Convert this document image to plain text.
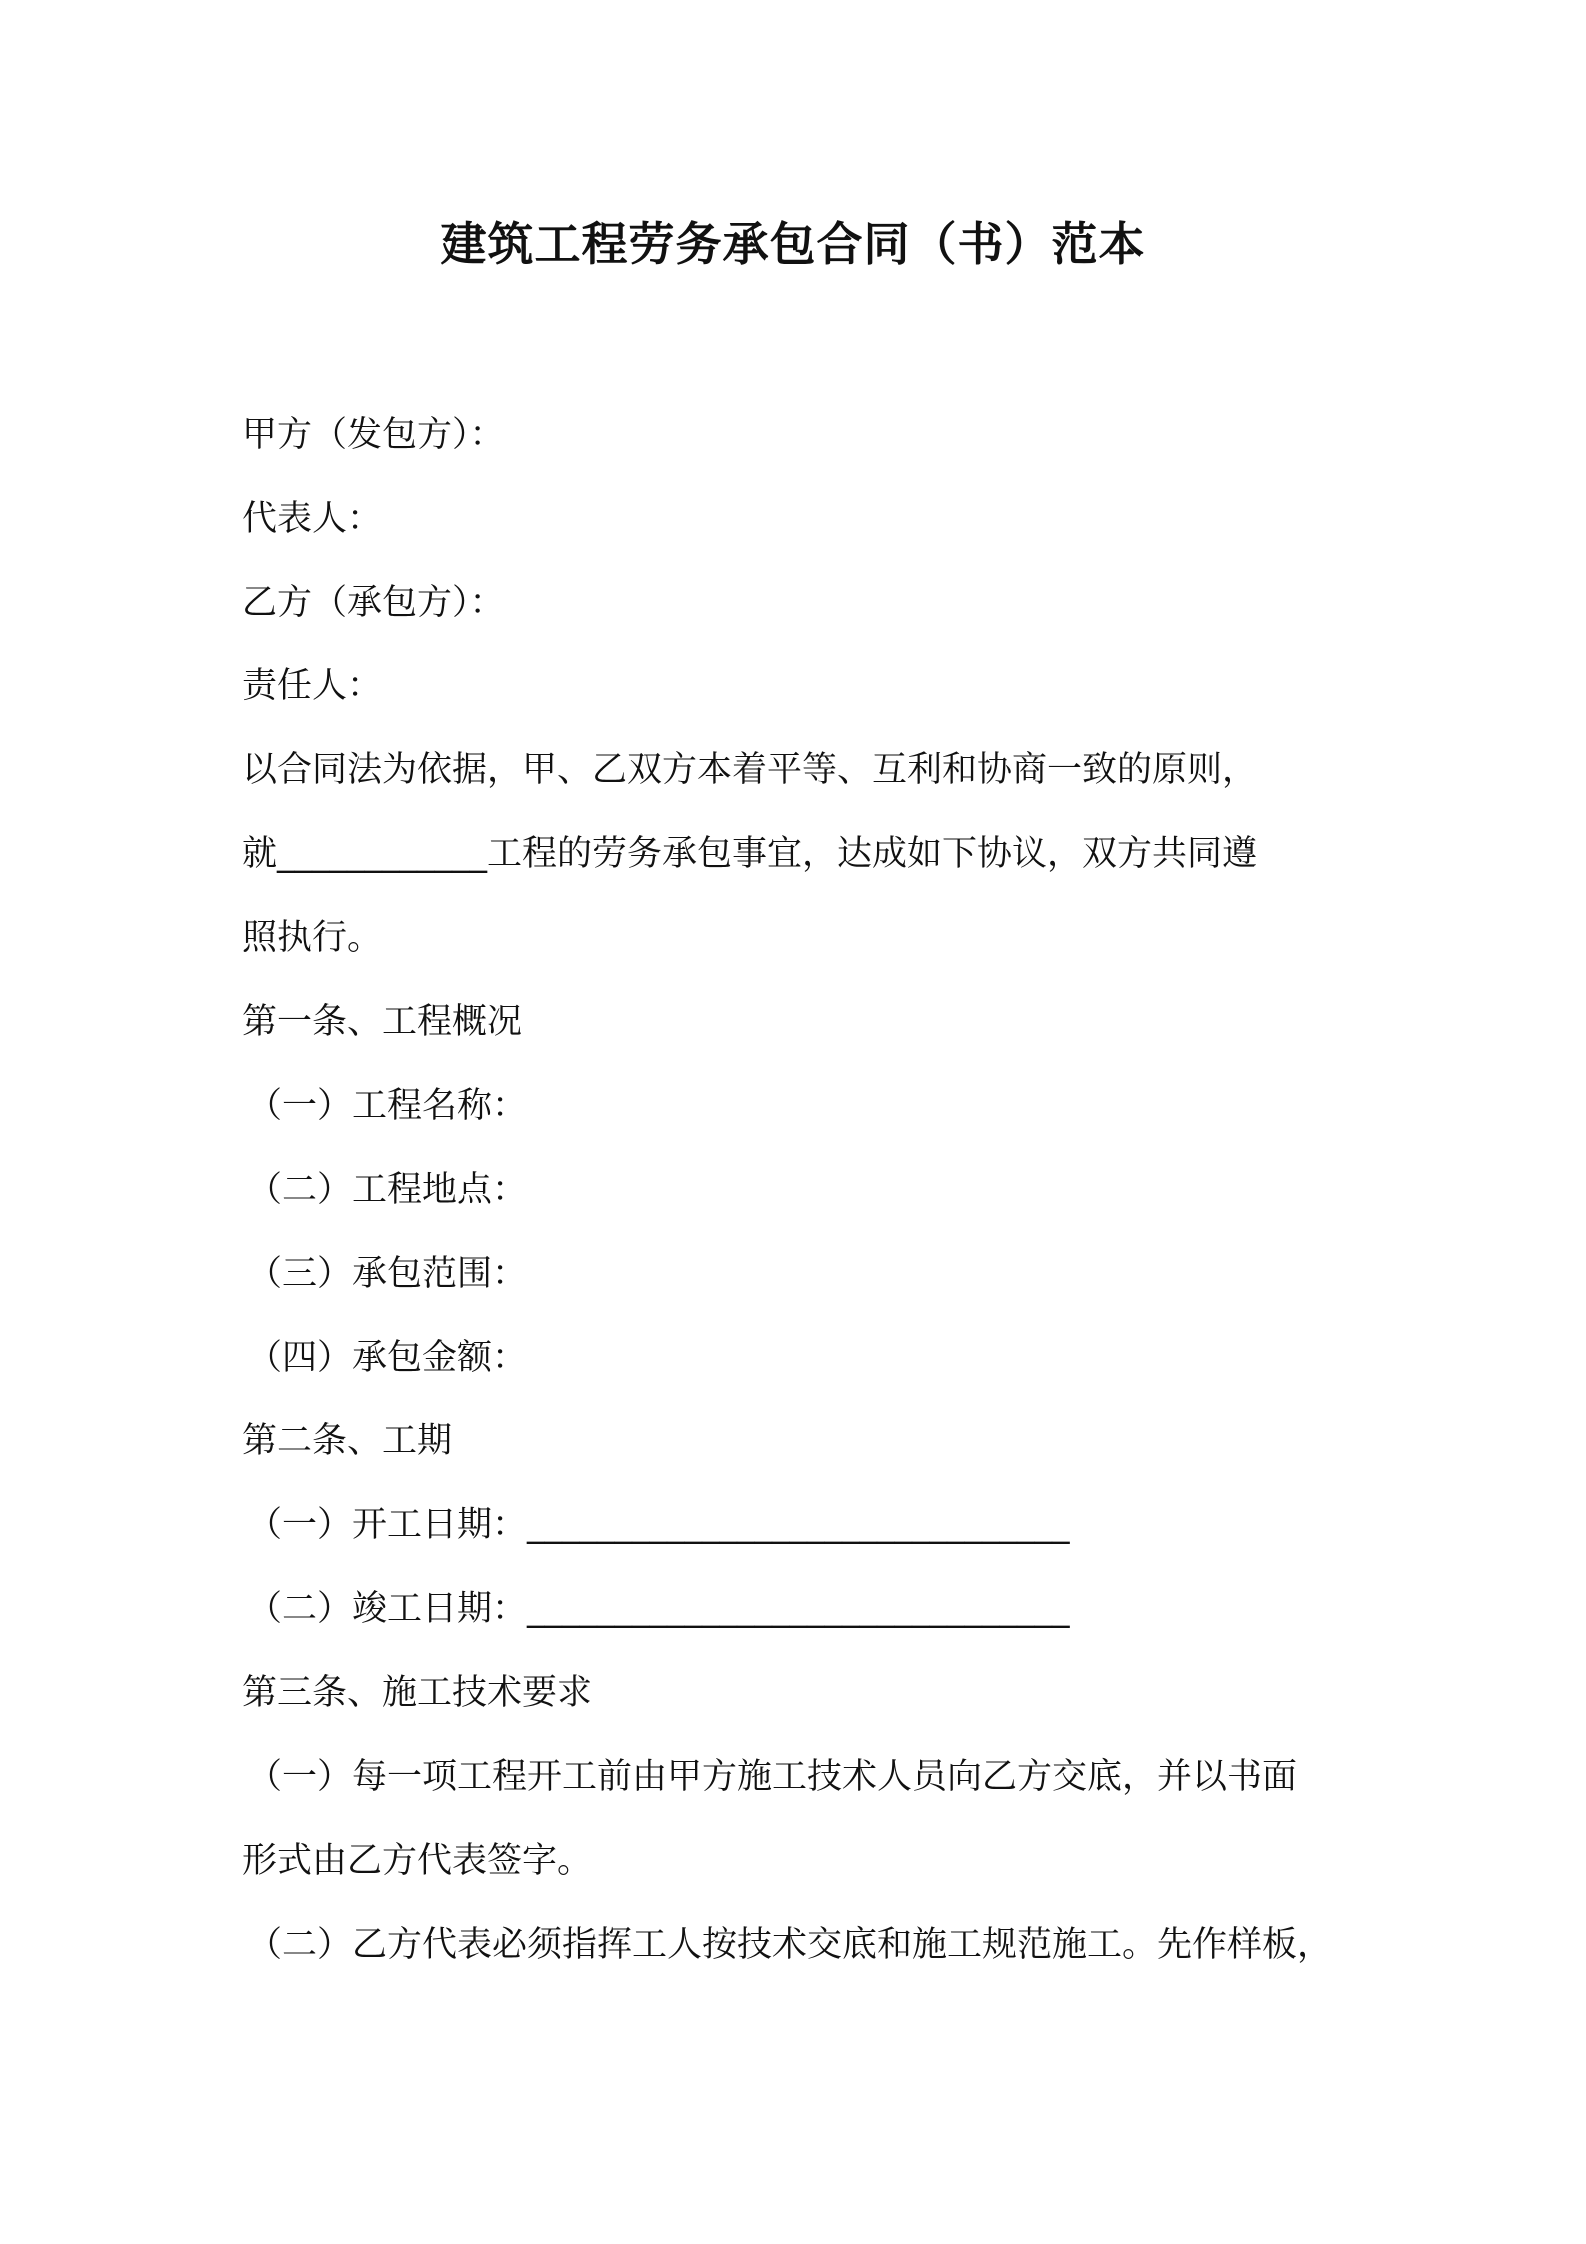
建筑工程劳务承包合同（书）范本
甲方（发包方）：
代表人：
乙方（承包方）：
责任人：
以合同法为依据，甲、乙双方本着平等、互利和协商一致的原则，
就____________工程的劳务承包事宜，达成如下协议，双方共同遵
照执行。
第一条、工程概况
（一）工程名称：
（二）工程地点：
（三）承包范围：
（四）承包金额：
第二条、工期
（一）开工日期：_______________________________
（二）竣工日期：_______________________________
第三条、施工技术要求
（一）每一项工程开工前由甲方施工技术人员向乙方交底，并以书面
形式由乙方代表签字。
（二）乙方代表必须指挥工人按技术交底和施工规范施工。先作样板，
